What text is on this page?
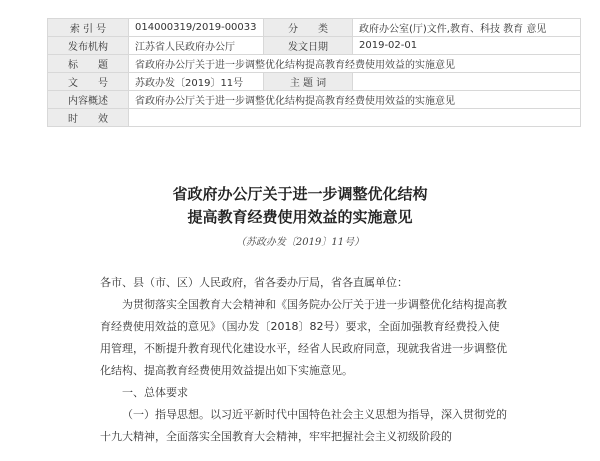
索 引 号	014000319/2019-00033	分　　类	政府办公室(厅)文件,教育、科技 教育 意见
发布机构	江苏省人民政府办公厅	发文日期	2019-02-01
标　　题	省政府办公厅关于进一步调整优化结构提高教育经费使用效益的实施意见		
文　　号	苏政办发〔2019〕11号	主 题 词	
内容概述	省政府办公厅关于进一步调整优化结构提高教育经费使用效益的实施意见		
时　　效			
省政府办公厅关于进一步调整优化结构
提高教育经费使用效益的实施意见
（苏政办发〔2019〕11号）

各市、县（市、区）人民政府，省各委办厅局，省各直属单位：

为贯彻落实全国教育大会精神和《国务院办公厅关于进一步调整优化结构提高教育经费使用效益的意见》（国办发〔2018〕82号）要求，全面加强教育经费投入使用管理，不断提升教育现代化建设水平，经省人民政府同意，现就我省进一步调整优化结构、提高教育经费使用效益提出如下实施意见。

一、总体要求

（一）指导思想。以习近平新时代中国特色社会主义思想为指导，深入贯彻党的十九大精神，全面落实全国教育大会精神，牢牢把握社会主义初级阶段的
